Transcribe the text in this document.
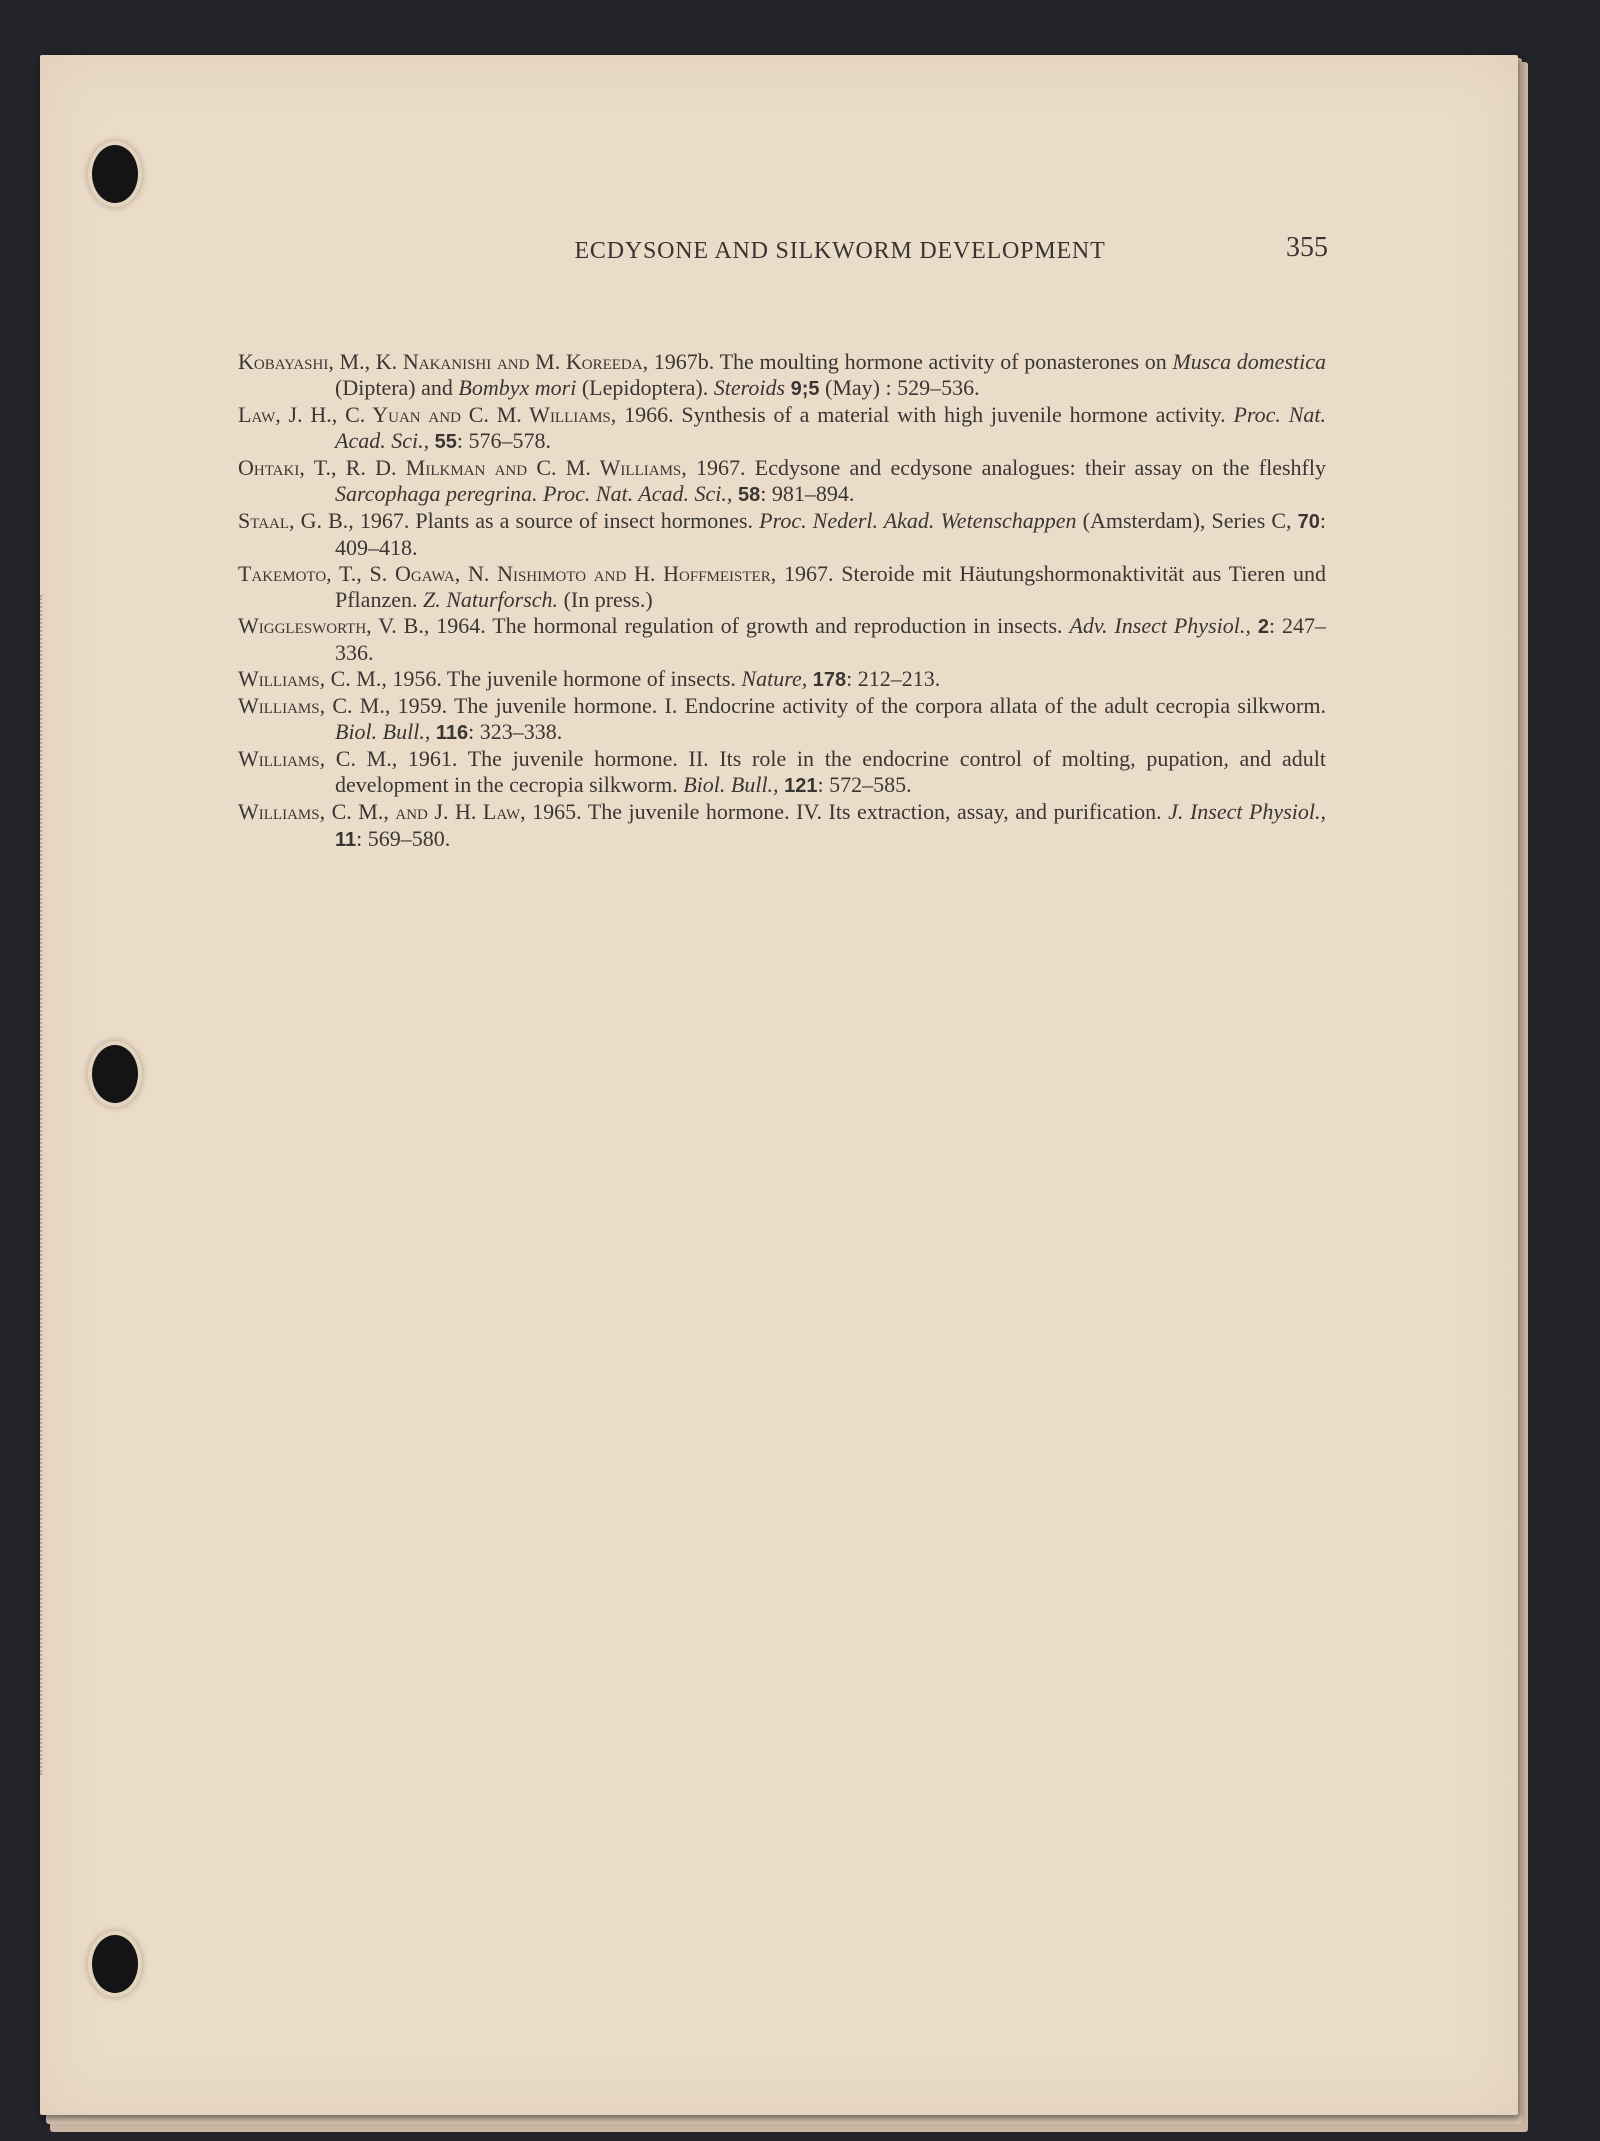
ECDYSONE AND SILKWORM DEVELOPMENT	355

Kobayashi, M., K. Nakanishi and M. Koreeda, 1967b. The moulting hormone activity of ponasterones on Musca domestica (Diptera) and Bombyx mori (Lepidoptera). Steroids 9;5 (May) : 529–536.

Law, J. H., C. Yuan and C. M. Williams, 1966. Synthesis of a material with high juvenile hormone activity. Proc. Nat. Acad. Sci., 55: 576–578.

Ohtaki, T., R. D. Milkman and C. M. Williams, 1967. Ecdysone and ecdysone analogues: their assay on the fleshfly Sarcophaga peregrina. Proc. Nat. Acad. Sci., 58: 981–894.

Staal, G. B., 1967. Plants as a source of insect hormones. Proc. Nederl. Akad. Wetenschappen (Amsterdam), Series C, 70: 409–418.

Takemoto, T., S. Ogawa, N. Nishimoto and H. Hoffmeister, 1967. Steroide mit Häutungshormonaktivität aus Tieren und Pflanzen. Z. Naturforsch. (In press.)

Wigglesworth, V. B., 1964. The hormonal regulation of growth and reproduction in insects. Adv. Insect Physiol., 2: 247–336.

Williams, C. M., 1956. The juvenile hormone of insects. Nature, 178: 212–213.

Williams, C. M., 1959. The juvenile hormone. I. Endocrine activity of the corpora allata of the adult cecropia silkworm. Biol. Bull., 116: 323–338.

Williams, C. M., 1961. The juvenile hormone. II. Its role in the endocrine control of molting, pupation, and adult development in the cecropia silkworm. Biol. Bull., 121: 572–585.

Williams, C. M., and J. H. Law, 1965. The juvenile hormone. IV. Its extraction, assay, and purification. J. Insect Physiol., 11: 569–580.
